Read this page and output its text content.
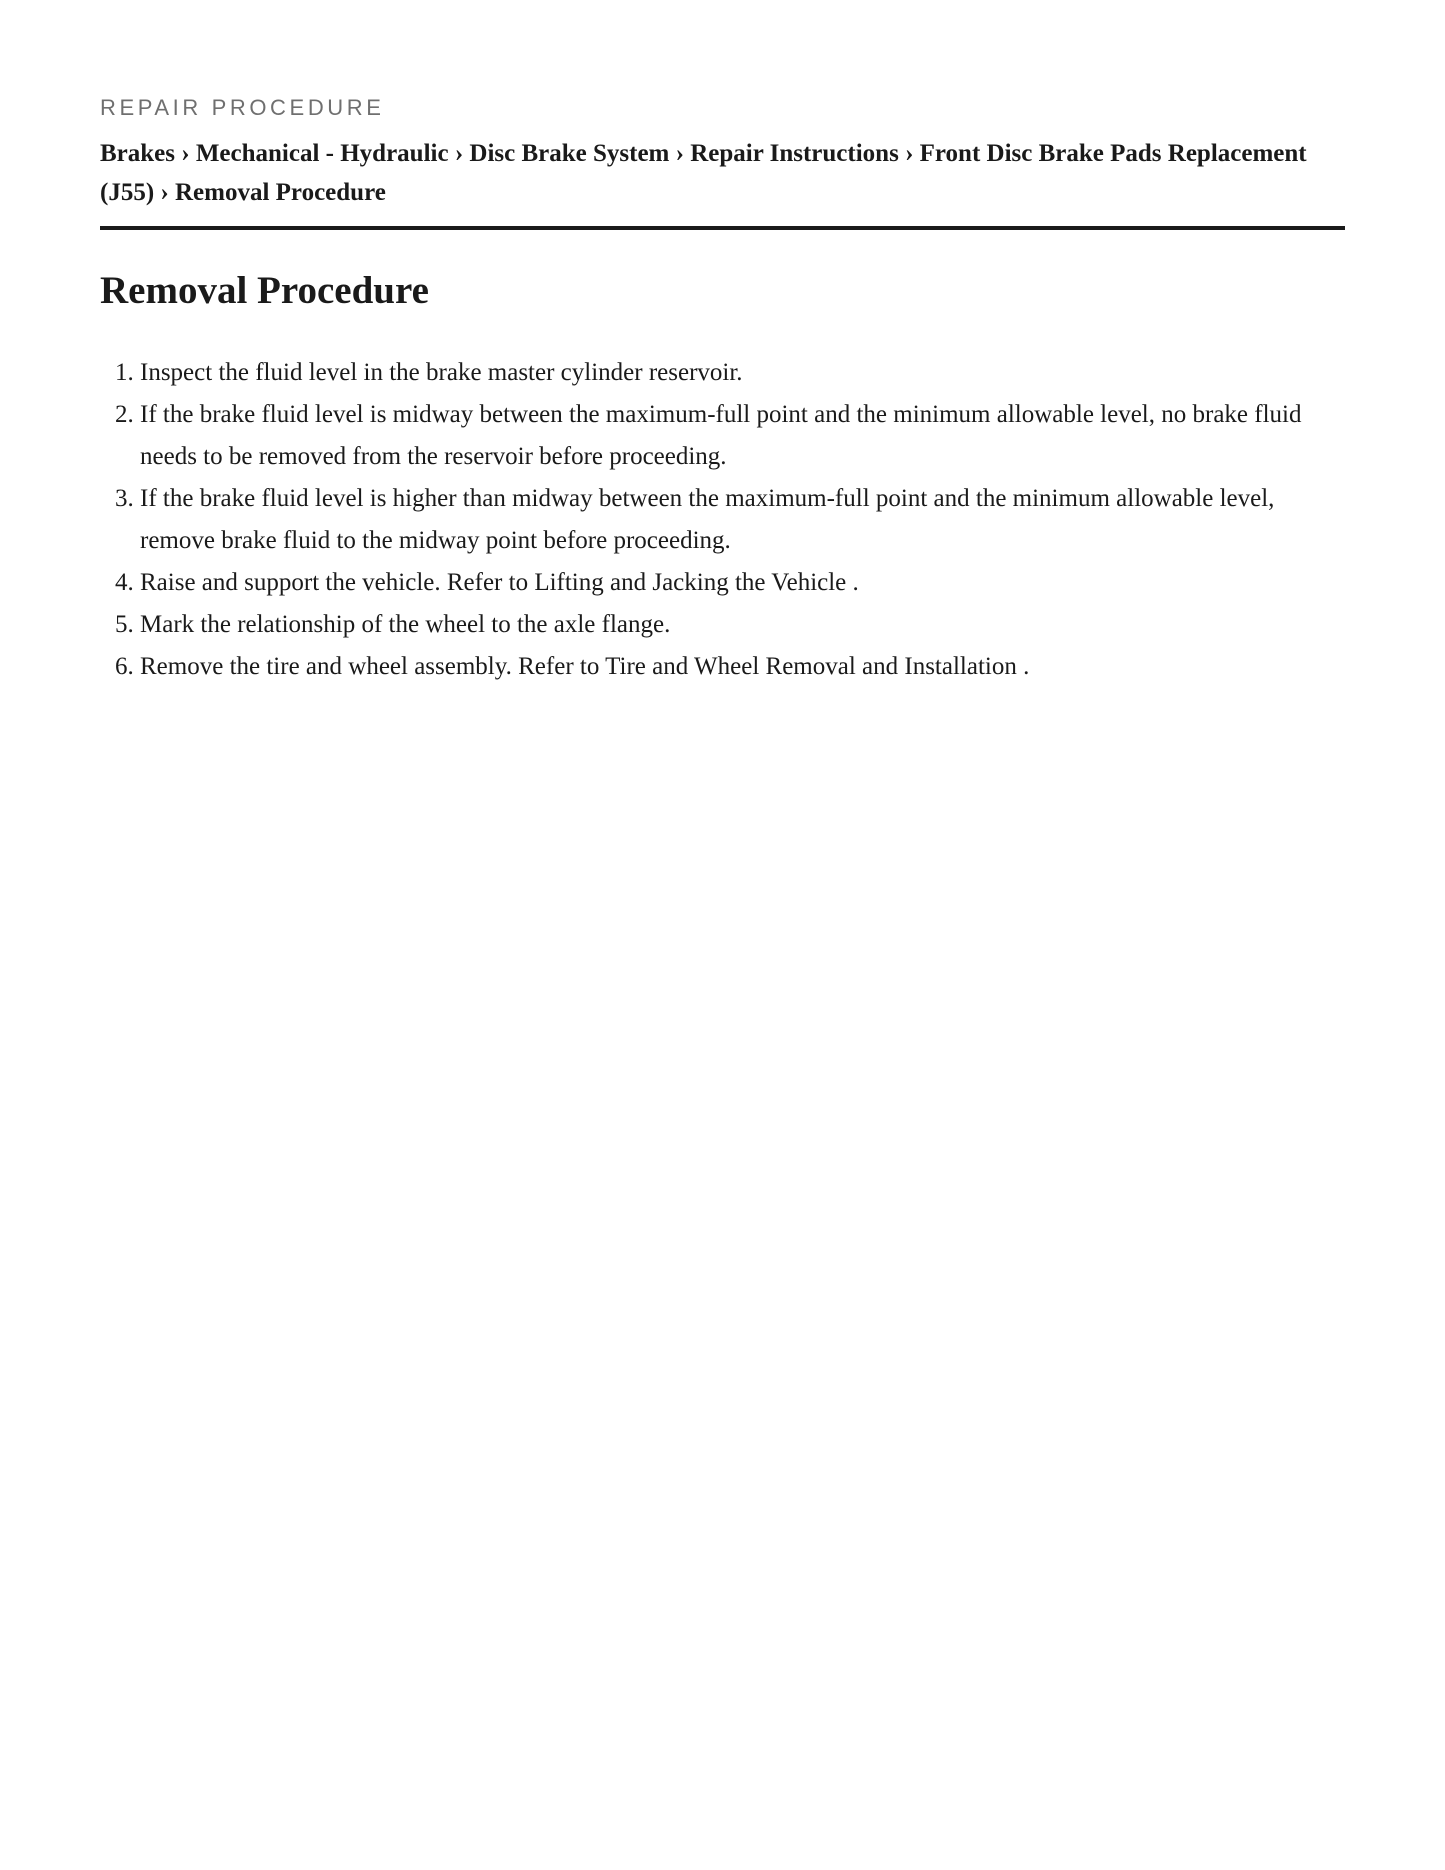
REPAIR PROCEDURE

Brakes › Mechanical - Hydraulic › Disc Brake System › Repair Instructions › Front Disc Brake Pads Replacement (J55) › Removal Procedure
Removal Procedure
1. Inspect the fluid level in the brake master cylinder reservoir.
2. If the brake fluid level is midway between the maximum-full point and the minimum allowable level, no brake fluid needs to be removed from the reservoir before proceeding.
3. If the brake fluid level is higher than midway between the maximum-full point and the minimum allowable level, remove brake fluid to the midway point before proceeding.
4. Raise and support the vehicle. Refer to Lifting and Jacking the Vehicle .
5. Mark the relationship of the wheel to the axle flange.
6. Remove the tire and wheel assembly. Refer to Tire and Wheel Removal and Installation .
